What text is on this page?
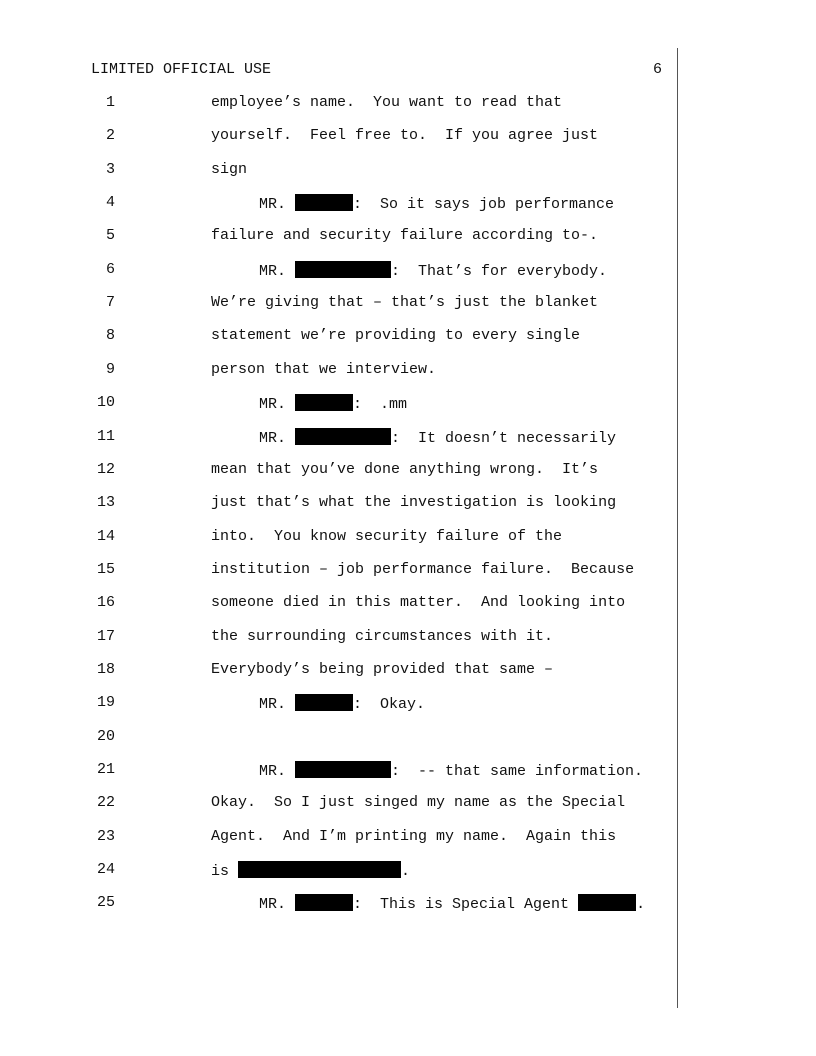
LIMITED OFFICIAL USE	6
1	employee’s name.  You want to read that
2	yourself.  Feel free to.  If you agree just
3	sign
4	MR.	:  So it says job performance
5	failure and security failure according to-.
6	MR.	:  That’s for everybody.
7	We’re giving that – that’s just the blanket
8	statement we’re providing to every single
9	person that we interview.
10	MR.	:  .mm
11	MR.	:  It doesn’t necessarily
12	mean that you’ve done anything wrong.  It’s
13	just that’s what the investigation is looking
14	into.  You know security failure of the
15	institution – job performance failure.  Because
16	someone died in this matter.  And looking into
17	the surrounding circumstances with it.
18	Everybody’s being provided that same –
19	MR.	:  Okay.
20
21	MR.	:  -- that same information.
22	Okay.  So I just singed my name as the Special
23	Agent.  And I’m printing my name.  Again this
24	is	.
25	MR.	:  This is Special Agent	.
